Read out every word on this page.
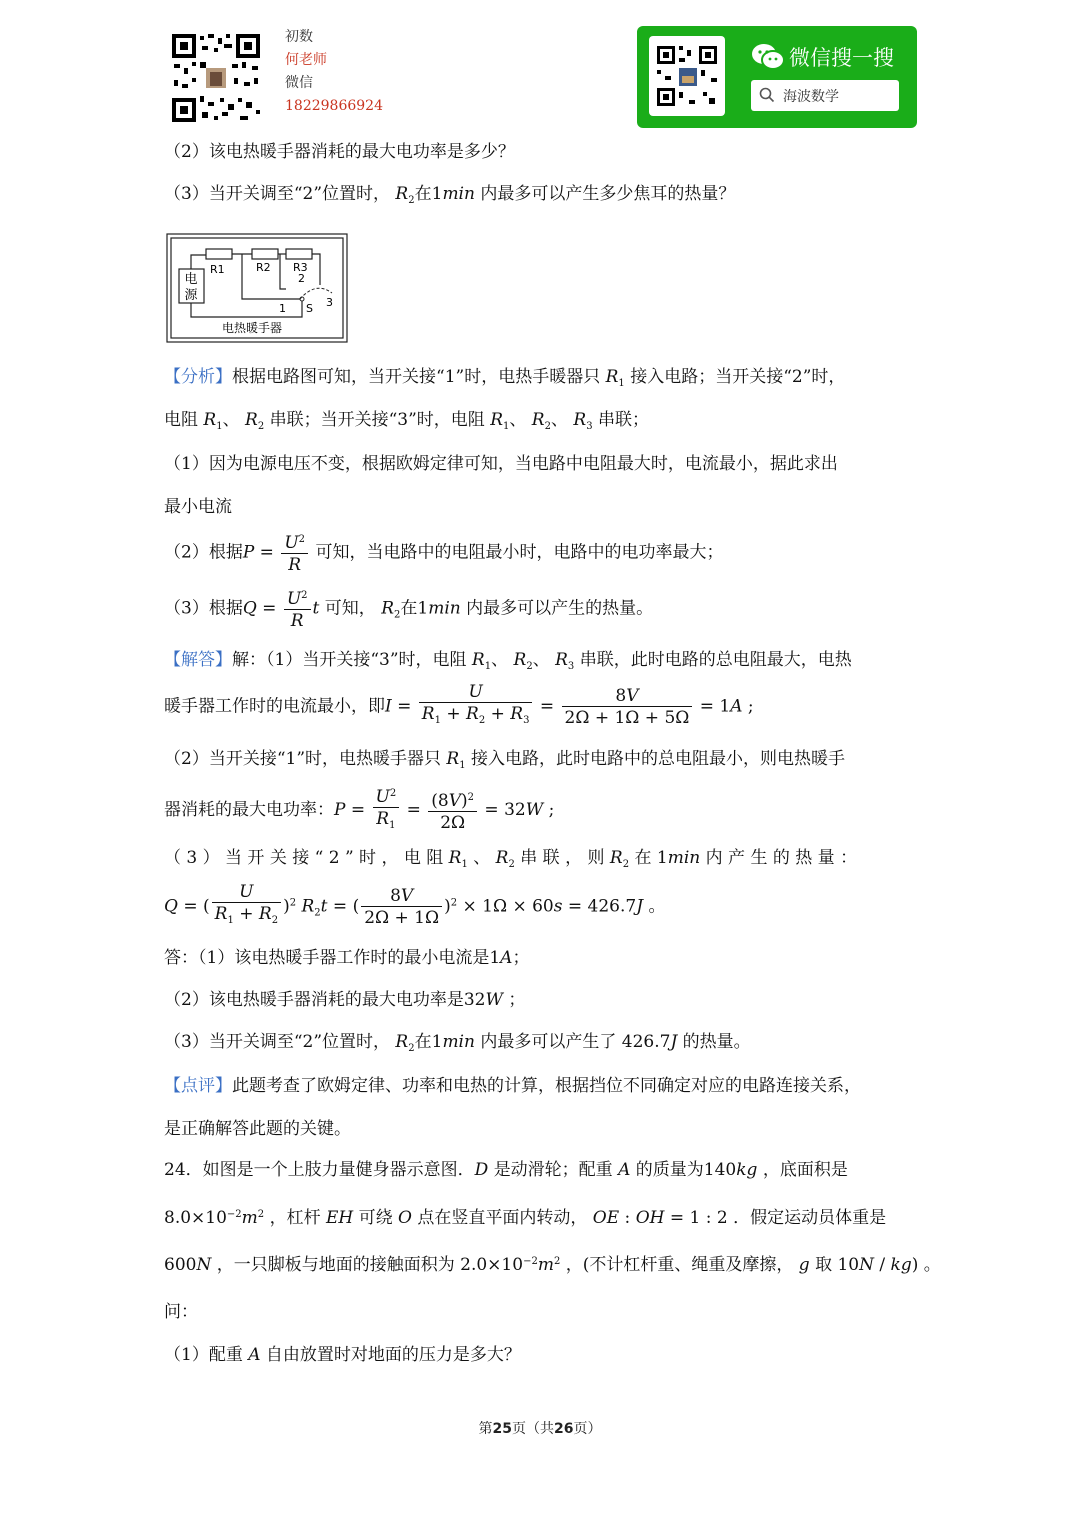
初数
何老师
微信
18229866924
微信搜一搜
海波数学
（2）该电热暖手器消耗的最大电功率是多少？
（3）当开关调至“2”位置时， $R_2$在1min 内最多可以产生多少焦耳的热量？
电
源
R1	R2 R3
2
1 S 3
电热暖手器
【分析】根据电路图可知，当开关接“1”时，电热手暖器只 $R_1$ 接入电路；当开关接“2”时，
电阻 $R_1$、 $R_2$ 串联；当开关接“3”时，电阻 $R_1$、 $R_2$、 $R_3$ 串联；
（1）因为电源电压不变，根据欧姆定律可知，当电路中电阻最大时，电流最小，据此求出
最小电流
（2）根据$P = \frac{U^2}{R}$ 可知，当电路中的电阻最小时，电路中的电功率最大；
（3）根据$Q = \frac{U^2}{R}$ t 可知， $R_2$在1min 内最多可以产生的热量。
【解答】解：（1）当开关接“3”时，电阻 $R_1$、 $R_2$、 $R_3$ 串联，此时电路的总电阻最大，电热
暖手器工作时的电流最小，即$I = \frac{U}{R_1 + R_2 + R_3} = \frac{8V}{2\Omega + 1\Omega + 5\Omega} = 1A$ ;
（2）当开关接“1”时，电热暖手器只 $R_1$ 接入电路，此时电路中的总电阻最小，则电热暖手
器消耗的最大电功率：$P = \frac{U^2}{R_1} = \frac{(8V)^2}{2\Omega} = 32W$ ;
（ 3 ） 当 开 关 接 “ 2 ” 时 ， 电 阻 $R_1$ 、 $R_2$ 串 联 ， 则 $R_2$ 在 1min 内 产 生 的 热 量 ：
Q = ( $\frac{U}{R_1 + R_2} )^2$ $R_2t$ = ( $\frac{8V}{2\Omega + 1\Omega} )^2 \times 1\Omega \times 60s = 426.7J$ 。
答：（1）该电热暖手器工作时的最小电流是1A；
（2）该电热暖手器消耗的最大电功率是32W ；
（3）当开关调至“2”位置时， $R_2$在1min 内最多可以产生了 426.7J 的热量。
【点评】此题考查了欧姆定律、功率和电热的计算，根据挡位不同确定对应的电路连接关系，
是正确解答此题的关键。
24．如图是一个上肢力量健身器示意图．D 是动滑轮；配重 A 的质量为140kg ，底面积是
$8.0\times 10^{-2}m^2$ ，杠杆 EH 可绕 O 点在竖直平面内转动， OE : OH = 1 : 2 ．假定运动员体重是
600N ，一只脚板与地面的接触面积为 $2.0\times 10^{-2}m^2$ ，(不计杠杆重、绳重及摩擦， g 取 10N / kg) 。
问：
（1）配重 A 自由放置时对地面的压力是多大？
第25页（共26页）
